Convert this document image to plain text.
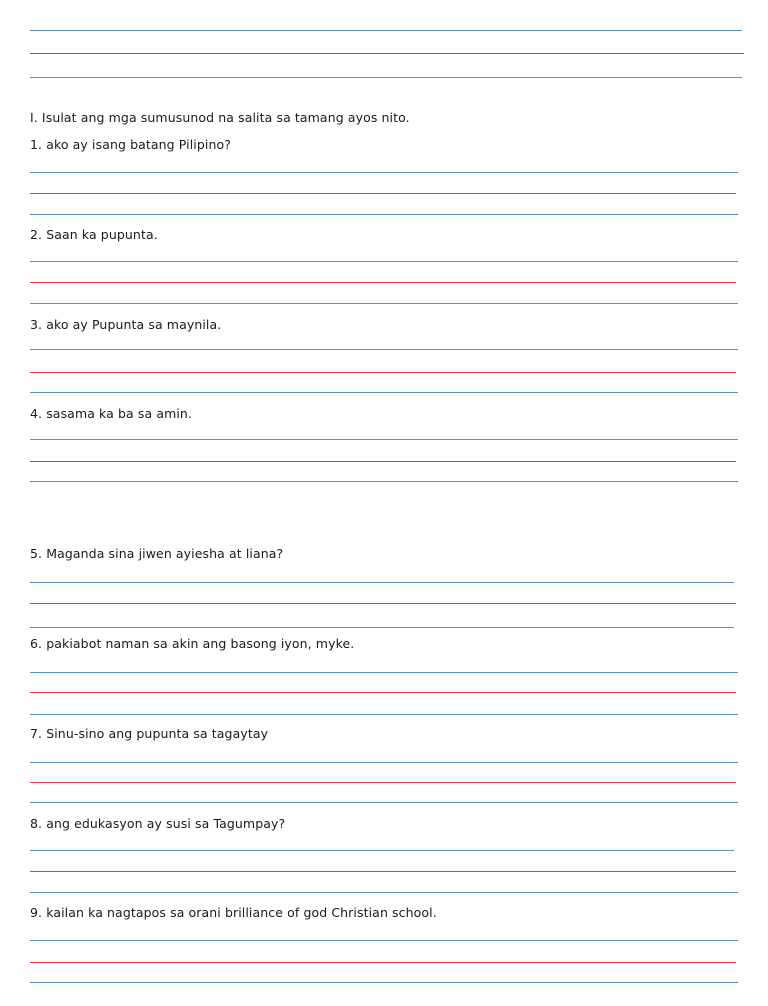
I. Isulat ang mga sumusunod na salita sa tamang ayos nito.
1. ako ay isang batang Pilipino?
2. Saan ka pupunta.
3. ako ay Pupunta sa maynila.
4. sasama ka ba sa amin.
5. Maganda sina jiwen ayiesha at liana?
6. pakiabot naman sa akin ang basong iyon, myke.
7. Sinu-sino ang pupunta sa tagaytay
8. ang edukasyon ay susi sa Tagumpay?
9. kailan ka nagtapos sa orani brilliance of god Christian school.
